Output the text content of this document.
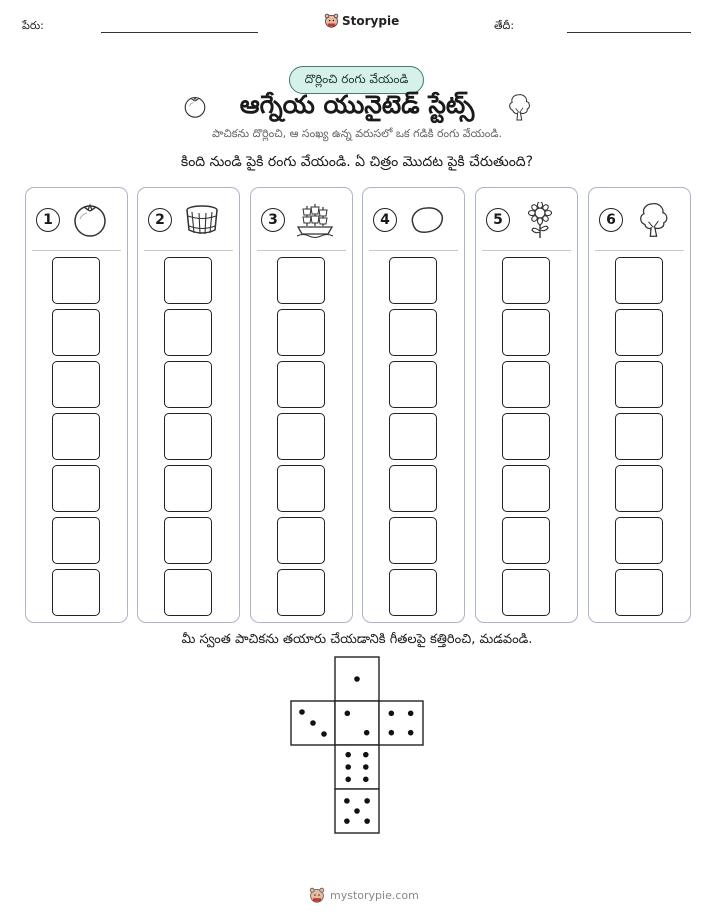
పేరు:	Storypie	తేదీ:
దొర్లించి రంగు వేయండి
ఆగ్నేయ యునైటెడ్ స్టేట్స్
పాచికను దొర్లించి, ఆ సంఖ్య ఉన్న వరుసలో ఒక గడికి రంగు వేయండి.
కింది నుండి పైకి రంగు వేయండి. ఏ చిత్రం మొదట పైకి చేరుతుంది?
1	2	3	4	5	6
మీ స్వంత పాచికను తయారు చేయడానికి గీతలపై కత్తిరించి, మడవండి.
mystorypie.com
